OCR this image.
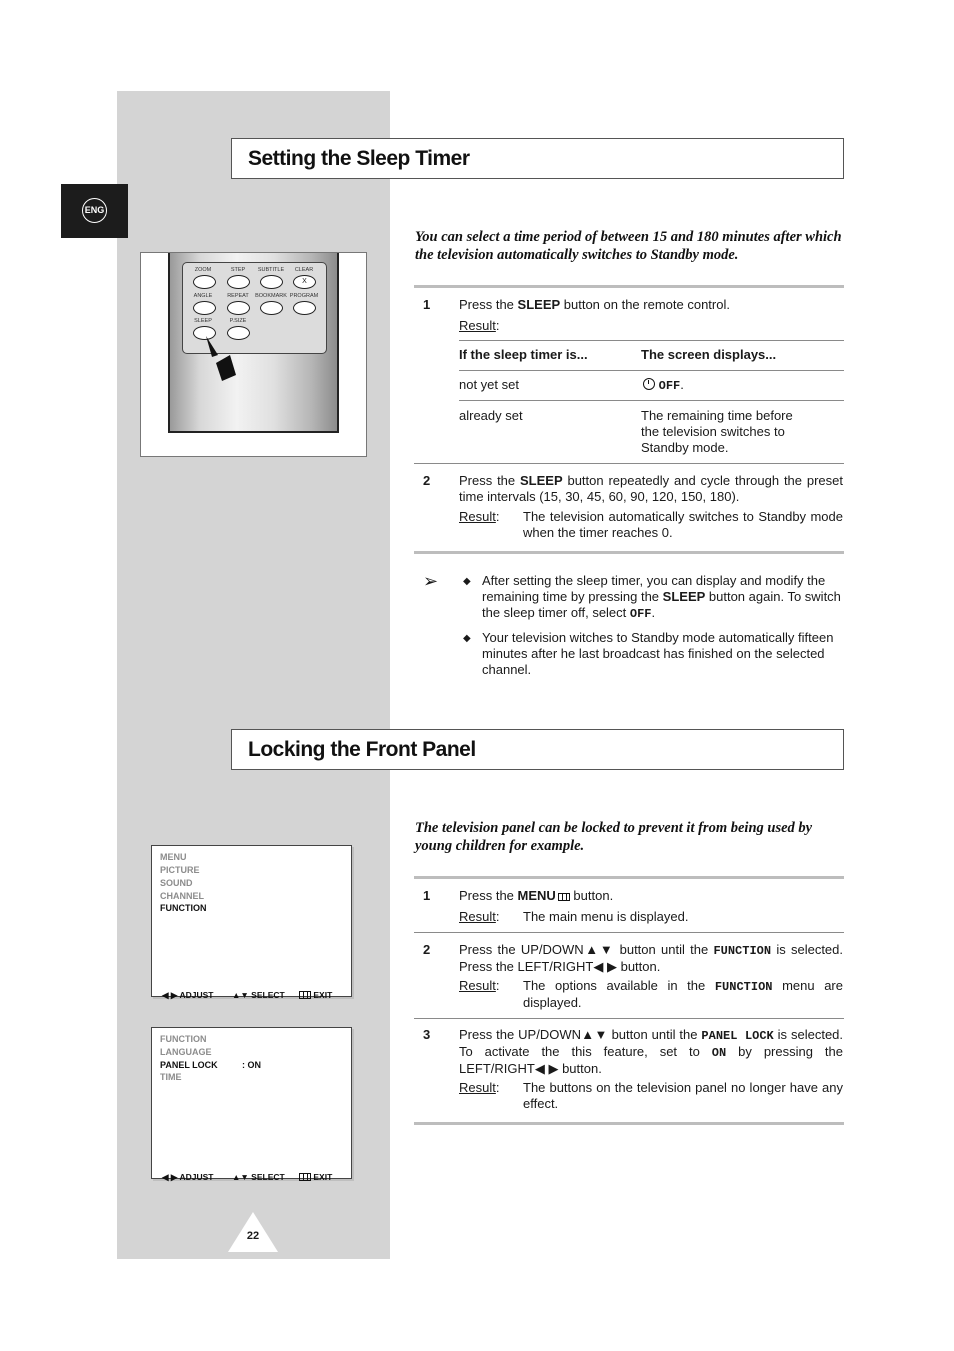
ENG
Setting the Sleep Timer
You can select a time period of between 15 and 180 minutes after which the television automatically switches to Standby mode.
1 Press the SLEEP button on the remote control.
Result:
If the sleep timer is...	The screen displays...
not yet set	OFF.
already set	The remaining time before the television switches to Standby mode.
2 Press the SLEEP button repeatedly and cycle through the preset time intervals (15, 30, 45, 60, 90, 120, 150, 180).
Result: The television automatically switches to Standby mode when the timer reaches 0.
➢ ◆ After setting the sleep timer, you can display and modify the remaining time by pressing the SLEEP button again. To switch the sleep timer off, select OFF.
◆ Your television witches to Standby mode automatically fifteen minutes after he last broadcast has finished on the selected channel.
ZOOM	STEP	SUBTITLE	CLEAR
X
ANGLE	REPEAT	BOOKMARK PROGRAM
SLEEP	P.SIZE
Locking the Front Panel
The television panel can be locked to prevent it from being used by young children for example.
1 Press the MENU button.
Result: The main menu is displayed.
2 Press the UP/DOWN▲▼ button until the FUNCTION is selected. Press the LEFT/RIGHT◀ ▶ button.
Result: The options available in the FUNCTION menu are displayed.
3 Press the UP/DOWN▲▼ button until the PANEL LOCK is selected. To activate the this feature, set to ON by pressing the LEFT/RIGHT◀ ▶ button.
Result: The buttons on the television panel no longer have any effect.
MENU
PICTURE
SOUND
CHANNEL
FUNCTION
◀ ▶ ADJUST ▲▼ SELECT	EXIT
FUNCTION
LANGUAGE
PANEL LOCK	: ON
TIME
◀ ▶ ADJUST ▲▼ SELECT	EXIT
22
